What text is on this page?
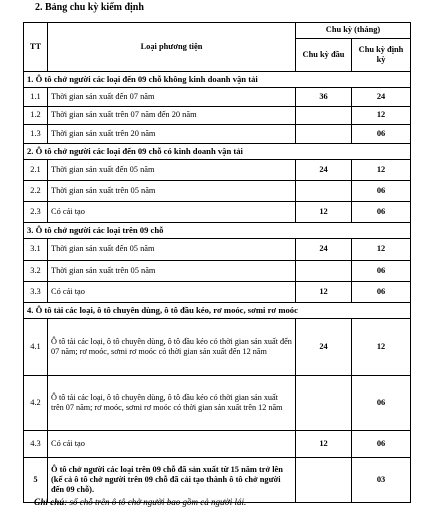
2. Bảng chu kỳ kiểm định
TT	Loại phương tiện	Chu kỳ (tháng)	
		Chu kỳ đầu	Chu kỳ định kỳ
1. Ô tô chở người các loại đến 09 chỗ không kinh doanh vận tải			
1.1	Thời gian sản xuất đến 07 năm	36	24
1.2	Thời gian sản xuất trên 07 năm đến 20 năm		12
1.3	Thời gian sản xuất trên 20 năm		06
2. Ô tô chở người các loại đến 09 chỗ có kinh doanh vận tải			
2.1	Thời gian sản xuất đến 05 năm	24	12
2.2	Thời gian sản xuất trên 05 năm		06
2.3	Có cải tạo	12	06
3. Ô tô chở người các loại trên 09 chỗ			
3.1	Thời gian sản xuất đến 05 năm	24	12
3.2	Thời gian sản xuất trên 05 năm		06
3.3	Có cải tạo	12	06
4. Ô tô tải các loại, ô tô chuyên dùng, ô tô đầu kéo, rơ moóc, sơmi rơ moóc			
4.1	Ô tô tải các loại, ô tô chuyên dùng, ô tô đầu kéo có thời gian sản xuất đến 07 năm; rơ moóc, sơmi rơ moóc có thời gian sản xuất đến 12 năm	24	12
4.2	Ô tô tải các loại, ô tô chuyên dùng, ô tô đầu kéo có thời gian sản xuất trên 07 năm; rơ moóc, sơmi rơ moóc có thời gian sản xuất trên 12 năm		06
4.3	Có cải tạo	12	06
5	Ô tô chở người các loại trên 09 chỗ đã sản xuất từ 15 năm trở lên (kể cả ô tô chở người trên 09 chỗ đã cải tạo thành ô tô chở người đến 09 chỗ).		03
Ghi chú: số chỗ trên ô tô chở người bao gồm cả người lái.
